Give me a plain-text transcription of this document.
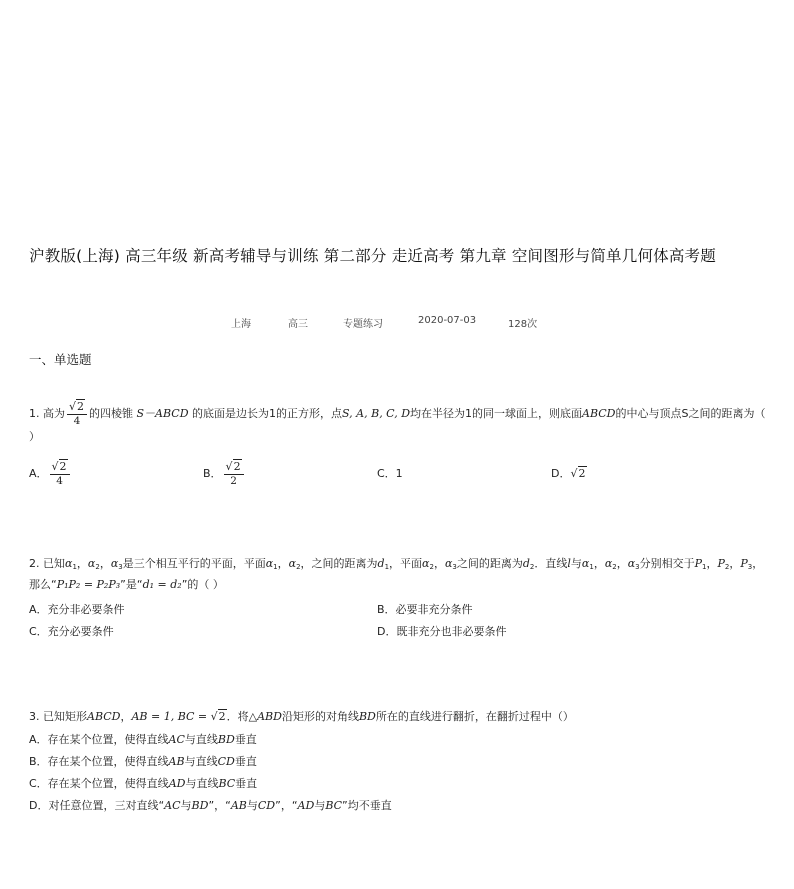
沪教版(上海) 高三年级 新高考辅导与训练 第二部分 走近高考 第九章 空间图形与简单几何体高考题
上海	高三	专题练习	2020-07-03	128次
一、单选题
1. 高为 $\frac{√2}{4}$ 的四棱锥 S－ABCD 的底面是边长为1的正方形，点S, A, B, C, D均在半径为1的同一球面上，则底面ABCD的中心与顶点S之间的距离为（ ）
A． $\frac{√2}{4}$	B． $\frac{√2}{2}$	C．1	D．√2
2. 已知$\alpha_1$，$\alpha_2$，$\alpha_3$是三个相互平行的平面，平面$\alpha_1$，$\alpha_2$，之间的距离为$d_1$，平面$\alpha_2$，$\alpha_3$之间的距离为$d_2$．直线l与$\alpha_1$，$\alpha_2$，$\alpha_3$分别相交于$P_1$，$P_2$，$P_3$，那么“P₁P₂ = P₂P₃”是“d₁ = d₂”的（ ）
A．充分非必要条件	B．必要非充分条件
C．充分必要条件	D．既非充分也非必要条件
3. 已知矩形ABCD，AB = 1, BC = √2．将△ABD沿矩形的对角线BD所在的直线进行翻折，在翻折过程中（）
A．存在某个位置，使得直线AC与直线BD垂直
B．存在某个位置，使得直线AB与直线CD垂直
C．存在某个位置，使得直线AD与直线BC垂直
D．对任意位置，三对直线“AC与BD”，“AB与CD”，“AD与BC”均不垂直
